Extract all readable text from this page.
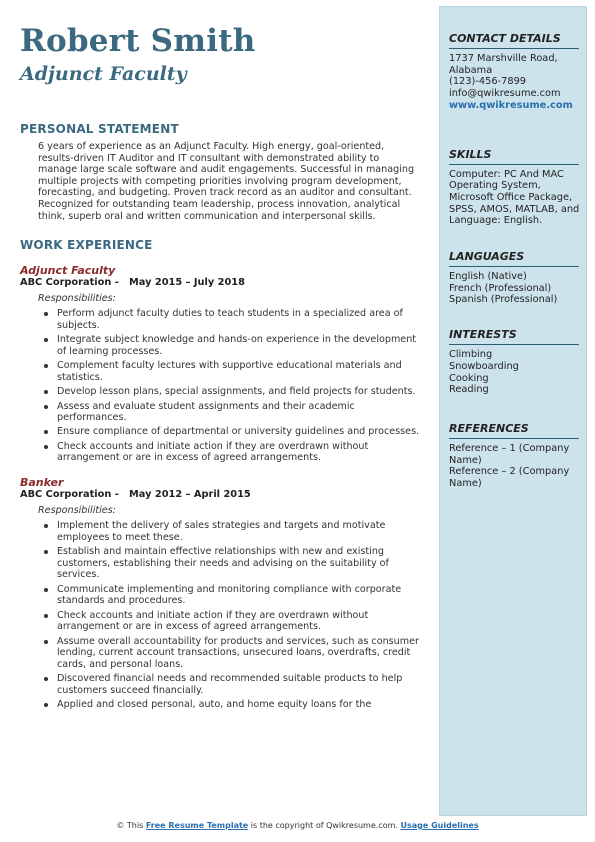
Robert Smith
Adjunct Faculty
PERSONAL STATEMENT
6 years of experience as an Adjunct Faculty. High energy, goal-oriented, results-driven IT Auditor and IT consultant with demonstrated ability to manage large scale software and audit engagements. Successful in managing multiple projects with competing priorities involving program development, forecasting, and budgeting. Proven track record as an auditor and consultant. Recognized for outstanding team leadership, process innovation, analytical think, superb oral and written communication and interpersonal skills.
WORK EXPERIENCE
Adjunct Faculty
ABC Corporation - May 2015 – July 2018
Responsibilities:
Perform adjunct faculty duties to teach students in a specialized area of subjects.
Integrate subject knowledge and hands-on experience in the development of learning processes.
Complement faculty lectures with supportive educational materials and statistics.
Develop lesson plans, special assignments, and field projects for students.
Assess and evaluate student assignments and their academic performances.
Ensure compliance of departmental or university guidelines and processes.
Check accounts and initiate action if they are overdrawn without arrangement or are in excess of agreed arrangements.
Banker
ABC Corporation - May 2012 – April 2015
Responsibilities:
Implement the delivery of sales strategies and targets and motivate employees to meet these.
Establish and maintain effective relationships with new and existing customers, establishing their needs and advising on the suitability of services.
Communicate implementing and monitoring compliance with corporate standards and procedures.
Check accounts and initiate action if they are overdrawn without arrangement or are in excess of agreed arrangements.
Assume overall accountability for products and services, such as consumer lending, current account transactions, unsecured loans, overdrafts, credit cards, and personal loans.
Discovered financial needs and recommended suitable products to help customers succeed financially.
Applied and closed personal, auto, and home equity loans for the
CONTACT DETAILS
1737 Marshville Road,
Alabama
(123)-456-7899
info@qwikresume.com
www.qwikresume.com
SKILLS
Computer: PC And MAC Operating System, Microsoft Office Package, SPSS, AMOS, MATLAB, and Language: English.
LANGUAGES
English (Native)
French (Professional)
Spanish (Professional)
INTERESTS
Climbing
Snowboarding
Cooking
Reading
REFERENCES
Reference – 1 (Company Name)
Reference – 2 (Company Name)
© This Free Resume Template is the copyright of Qwikresume.com. Usage Guidelines
